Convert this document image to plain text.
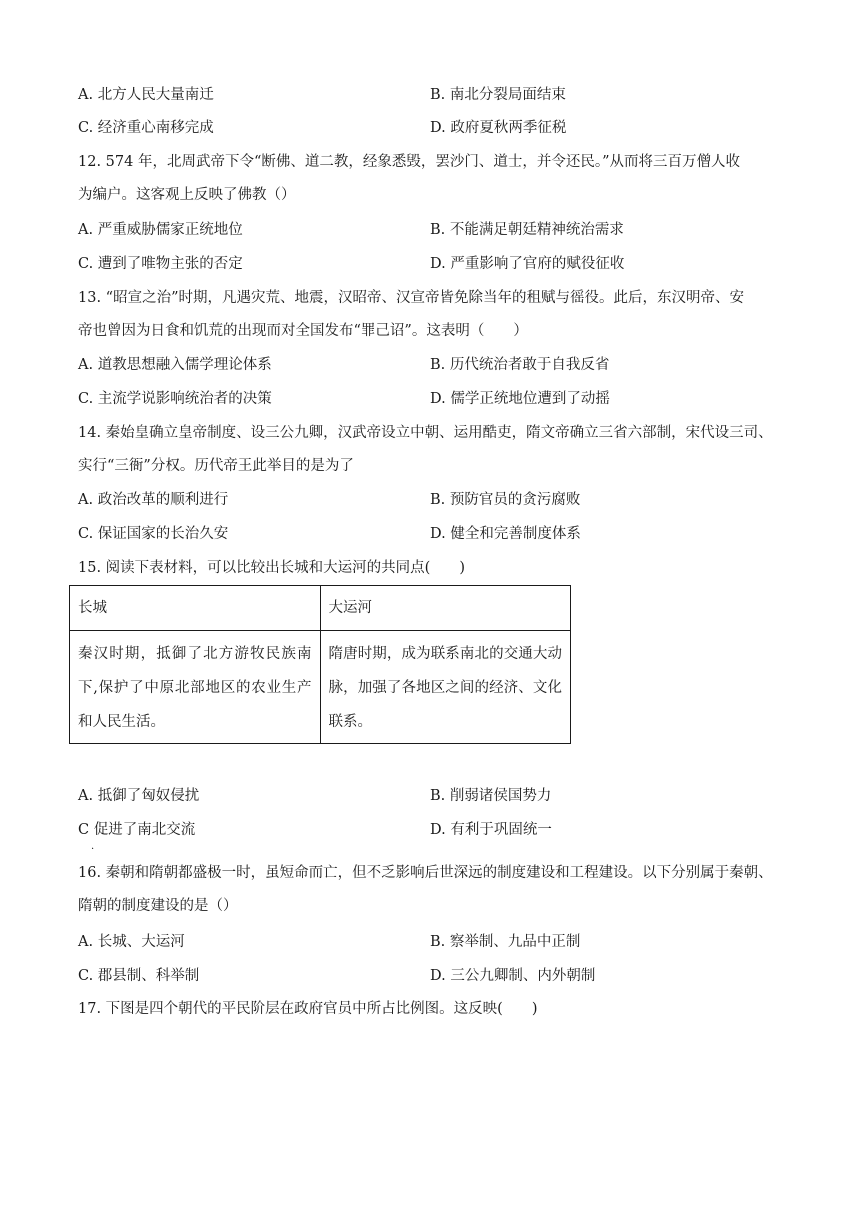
A. 北方人民大量南迁	B. 南北分裂局面结束
C. 经济重心南移完成	D. 政府夏秋两季征税

12. 574 年，北周武帝下令“断佛、道二教，经象悉毁，罢沙门、道士，并令还民。”从而将三百万僧人收

为编户。这客观上反映了佛教（）

A. 严重威胁儒家正统地位	B. 不能满足朝廷精神统治需求
C. 遭到了唯物主张的否定	D. 严重影响了官府的赋役征收

13. “昭宣之治”时期，凡遇灾荒、地震，汉昭帝、汉宣帝皆免除当年的租赋与徭役。此后，东汉明帝、安

帝也曾因为日食和饥荒的出现而对全国发布“罪己诏”。这表明（　　）

A. 道教思想融入儒学理论体系	B. 历代统治者敢于自我反省
C. 主流学说影响统治者的决策	D. 儒学正统地位遭到了动摇

14. 秦始皇确立皇帝制度、设三公九卿，汉武帝设立中朝、运用酷吏，隋文帝确立三省六部制，宋代设三司、

实行“三衙”分权。历代帝王此举目的是为了

A. 政治改革的顺利进行	B. 预防官员的贪污腐败
C. 保证国家的长治久安	D. 健全和完善制度体系

15. 阅读下表材料，可以比较出长城和大运河的共同点(　　)

长城	大运河
秦汉时期，抵御了北方游牧民族南下,保护了中原北部地区的农业生产和人民生活。	隋唐时期，成为联系南北的交通大动脉，加强了各地区之间的经济、文化联系。
A. 抵御了匈奴侵扰	B. 削弱诸侯国势力
C 促进了南北交流	D. 有利于巩固统一
.

16. 秦朝和隋朝都盛极一时，虽短命而亡，但不乏影响后世深远的制度建设和工程建设。以下分别属于秦朝、

隋朝的制度建设的是（）

A. 长城、大运河	B. 察举制、九品中正制
C. 郡县制、科举制	D. 三公九卿制、内外朝制

17. 下图是四个朝代的平民阶层在政府官员中所占比例图。这反映(　　)
